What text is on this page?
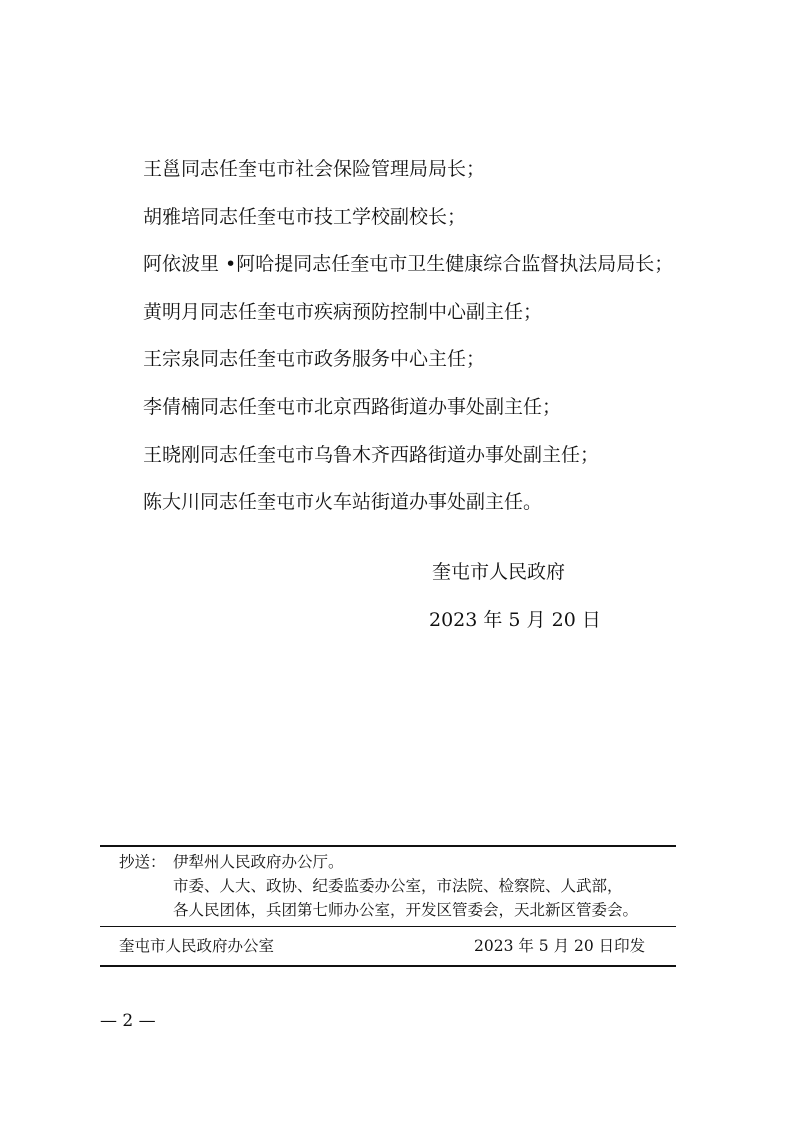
王邕同志任奎屯市社会保险管理局局长；
胡雅培同志任奎屯市技工学校副校长；
阿依波里 •阿哈提同志任奎屯市卫生健康综合监督执法局局长；
黄明月同志任奎屯市疾病预防控制中心副主任；
王宗泉同志任奎屯市政务服务中心主任；
李倩楠同志任奎屯市北京西路街道办事处副主任；
王晓刚同志任奎屯市乌鲁木齐西路街道办事处副主任；
陈大川同志任奎屯市火车站街道办事处副主任。
奎屯市人民政府
2023 年 5 月 20 日
抄送： 伊犁州人民政府办公厅。
市委、人大、政协、纪委监委办公室，市法院、检察院、人武部，
各人民团体，兵团第七师办公室，开发区管委会，天北新区管委会。
奎屯市人民政府办公室	2023 年 5 月 20 日印发
— 2 —
